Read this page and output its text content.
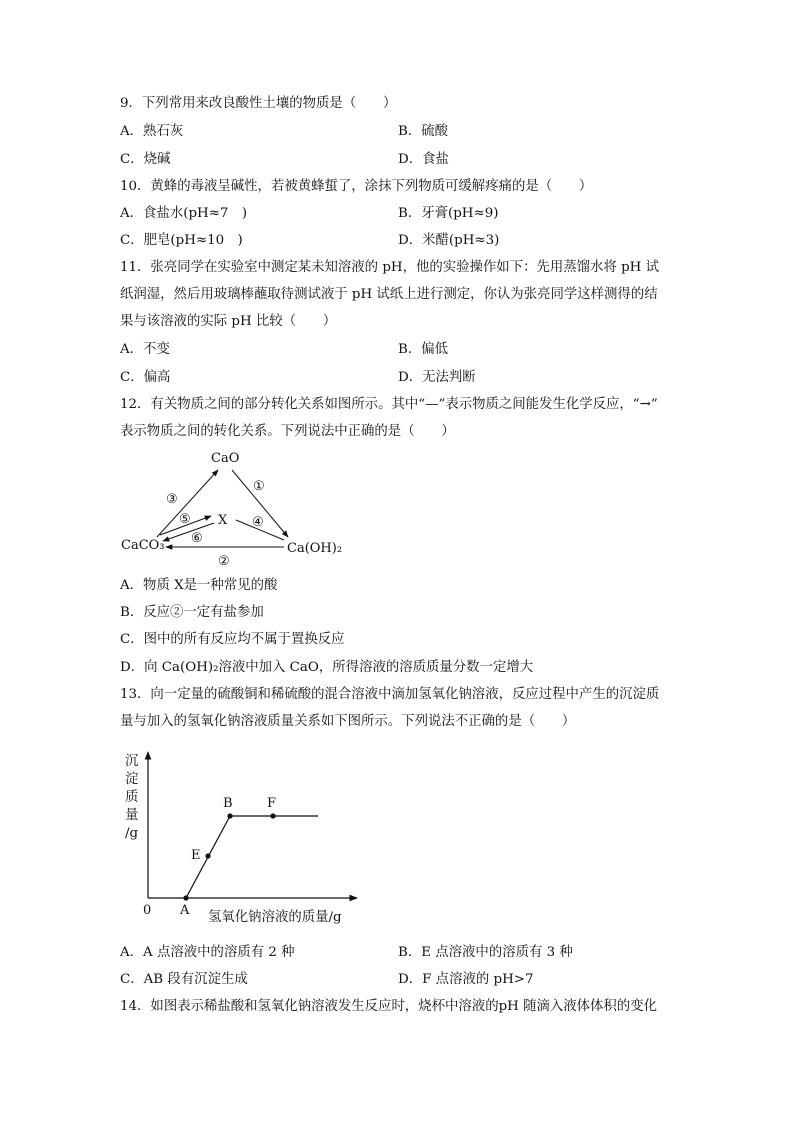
9．下列常用来改良酸性土壤的物质是（　　）
A．熟石灰	B．硫酸
C．烧碱	D．食盐
10．黄蜂的毒液呈碱性，若被黄蜂蜇了，涂抹下列物质可缓解疼痛的是（　　）
A．食盐水(pH≈7　)	B．牙膏(pH≈9)
C．肥皂(pH≈10　)	D．米醋(pH≈3)
11．张亮同学在实验室中测定某未知溶液的 pH，他的实验操作如下：先用蒸馏水将 pH 试
纸润湿，然后用玻璃棒蘸取待测试液于 pH 试纸上进行测定，你认为张亮同学这样测得的结
果与该溶液的实际 pH 比较（　　）
A．不变	B．偏低
C．偏高	D．无法判断
12．有关物质之间的部分转化关系如图所示。其中“—”表示物质之间能发生化学反应，“→”
表示物质之间的转化关系。下列说法中正确的是（　　）
CaO
CaCO₃	Ca(OH)₂
X
①
③
⑤	④
⑥
②
A．物质 X是一种常见的酸
B．反应②一定有盐参加
C．图中的所有反应均不属于置换反应
D．向 Ca(OH)₂溶液中加入 CaO，所得溶液的溶质质量分数一定增大
13．向一定量的硫酸铜和稀硫酸的混合溶液中滴加氢氧化钠溶液，反应过程中产生的沉淀质
量与加入的氢氧化钠溶液质量关系如下图所示。下列说法不正确的是（　　）
沉
淀
质
量
/g
B	F
E
A
0	氢氧化钠溶液的质量/g
A．A 点溶液中的溶质有 2 种	B．E 点溶液中的溶质有 3 种
C．AB 段有沉淀生成	D．F 点溶液的 pH>7
14．如图表示稀盐酸和氢氧化钠溶液发生反应时，烧杯中溶液的pH 随滴入液体体积的变化
